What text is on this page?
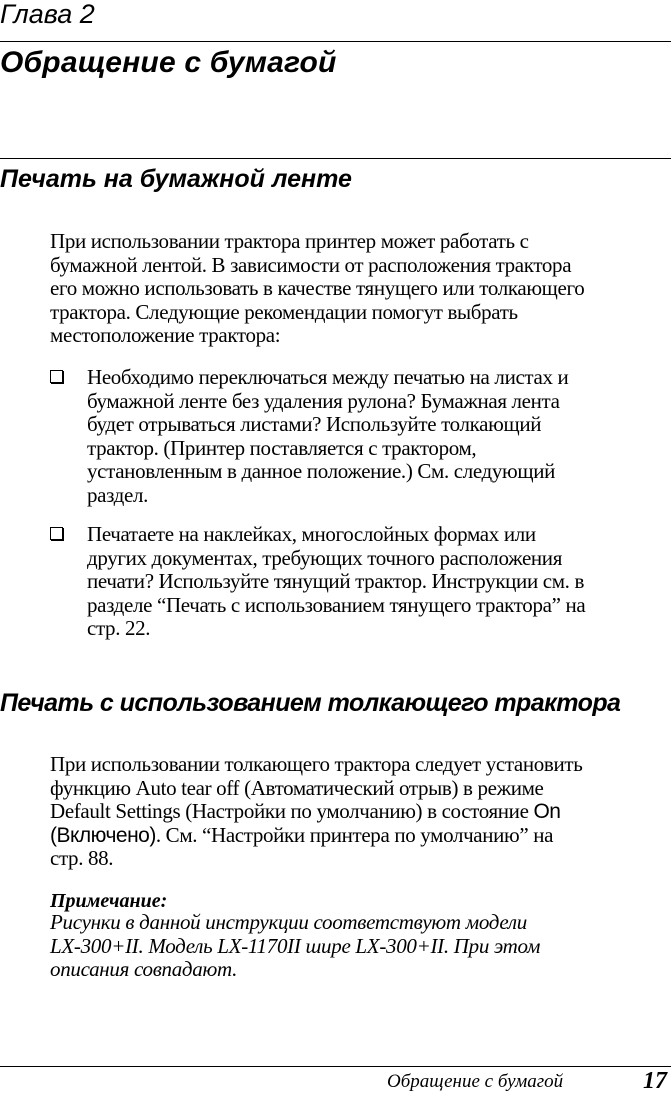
Глава 2
Обращение с бумагой
Печать на бумажной ленте
При использовании трактора принтер может работать с
бумажной лентой. В зависимости от расположения трактора
его можно использовать в качестве тянущего или толкающего
трактора. Следующие рекомендации помогут выбрать
местоположение трактора:
Необходимо переключаться между печатью на листах и
бумажной ленте без удаления рулона? Бумажная лента
будет отрываться листами? Используйте толкающий
трактор. (Принтер поставляется с трактором,
установленным в данное положение.) См. следующий
раздел.
Печатаете на наклейках, многослойных формах или
других документах, требующих точного расположения
печати? Используйте тянущий трактор. Инструкции см. в
разделе “Печать с использованием тянущего трактора” на
стр. 22.
Печать с использованием толкающего трактора
При использовании толкающего трактора следует установить
функцию Auto tear off (Автоматический отрыв) в режиме
Default Settings (Настройки по умолчанию) в состояние On
(Включено). См. “Настройки принтера по умолчанию” на
стр. 88.
Примечание:
Рисунки в данной инструкции соответствуют модели
LX-300+II. Модель LX-1170II шире LX-300+II. При этом
описания совпадают.
Обращение с бумагой	17
